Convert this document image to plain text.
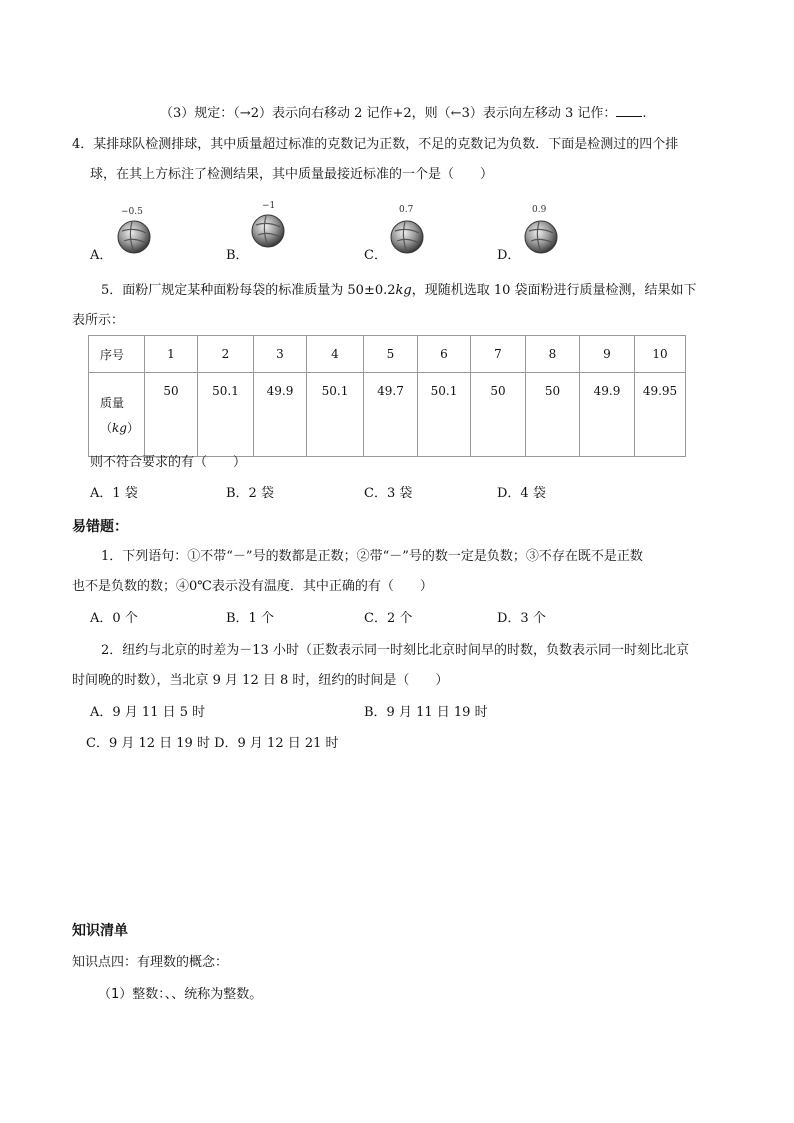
（3）规定：（→2）表示向右移动 2 记作+2，则（←3）表示向左移动 3 记作： .
4．某排球队检测排球，其中质量超过标准的克数记为正数，不足的克数记为负数．下面是检测过的四个排
球，在其上方标注了检测结果，其中质量最接近标准的一个是（　　）
−0.5
A．
−1
B．
0.7
C．
0.9
D．
5．面粉厂规定某种面粉每袋的标准质量为 50±0.2kg，现随机选取 10 袋面粉进行质量检测，结果如下
表所示：
序号	1	2	3	4	5	6	7	8	9	10

质量
（kg）	50	50.1	49.9	50.1	49.7	50.1	50	50	49.9	49.95
则不符合要求的有（　　）
A．1 袋	B．2 袋	C．3 袋	D．4 袋
易错题：
1．下列语句：①不带“－”号的数都是正数；②带“－”号的数一定是负数；③不存在既不是正数
也不是负数的数；④0℃表示没有温度．其中正确的有（　　）
A．0 个	B．1 个	C．2 个	D．3 个
2．纽约与北京的时差为－13 小时（正数表示同一时刻比北京时间早的时数，负数表示同一时刻比北京
时间晚的时数），当北京 9 月 12 日 8 时，纽约的时间是（　　）
A．9 月 11 日 5 时	B．9 月 11 日 19 时
C．9 月 12 日 19 时 D．9 月 12 日 21 时
知识清单
知识点四：有理数的概念：
（1）整数：、、统称为整数。
